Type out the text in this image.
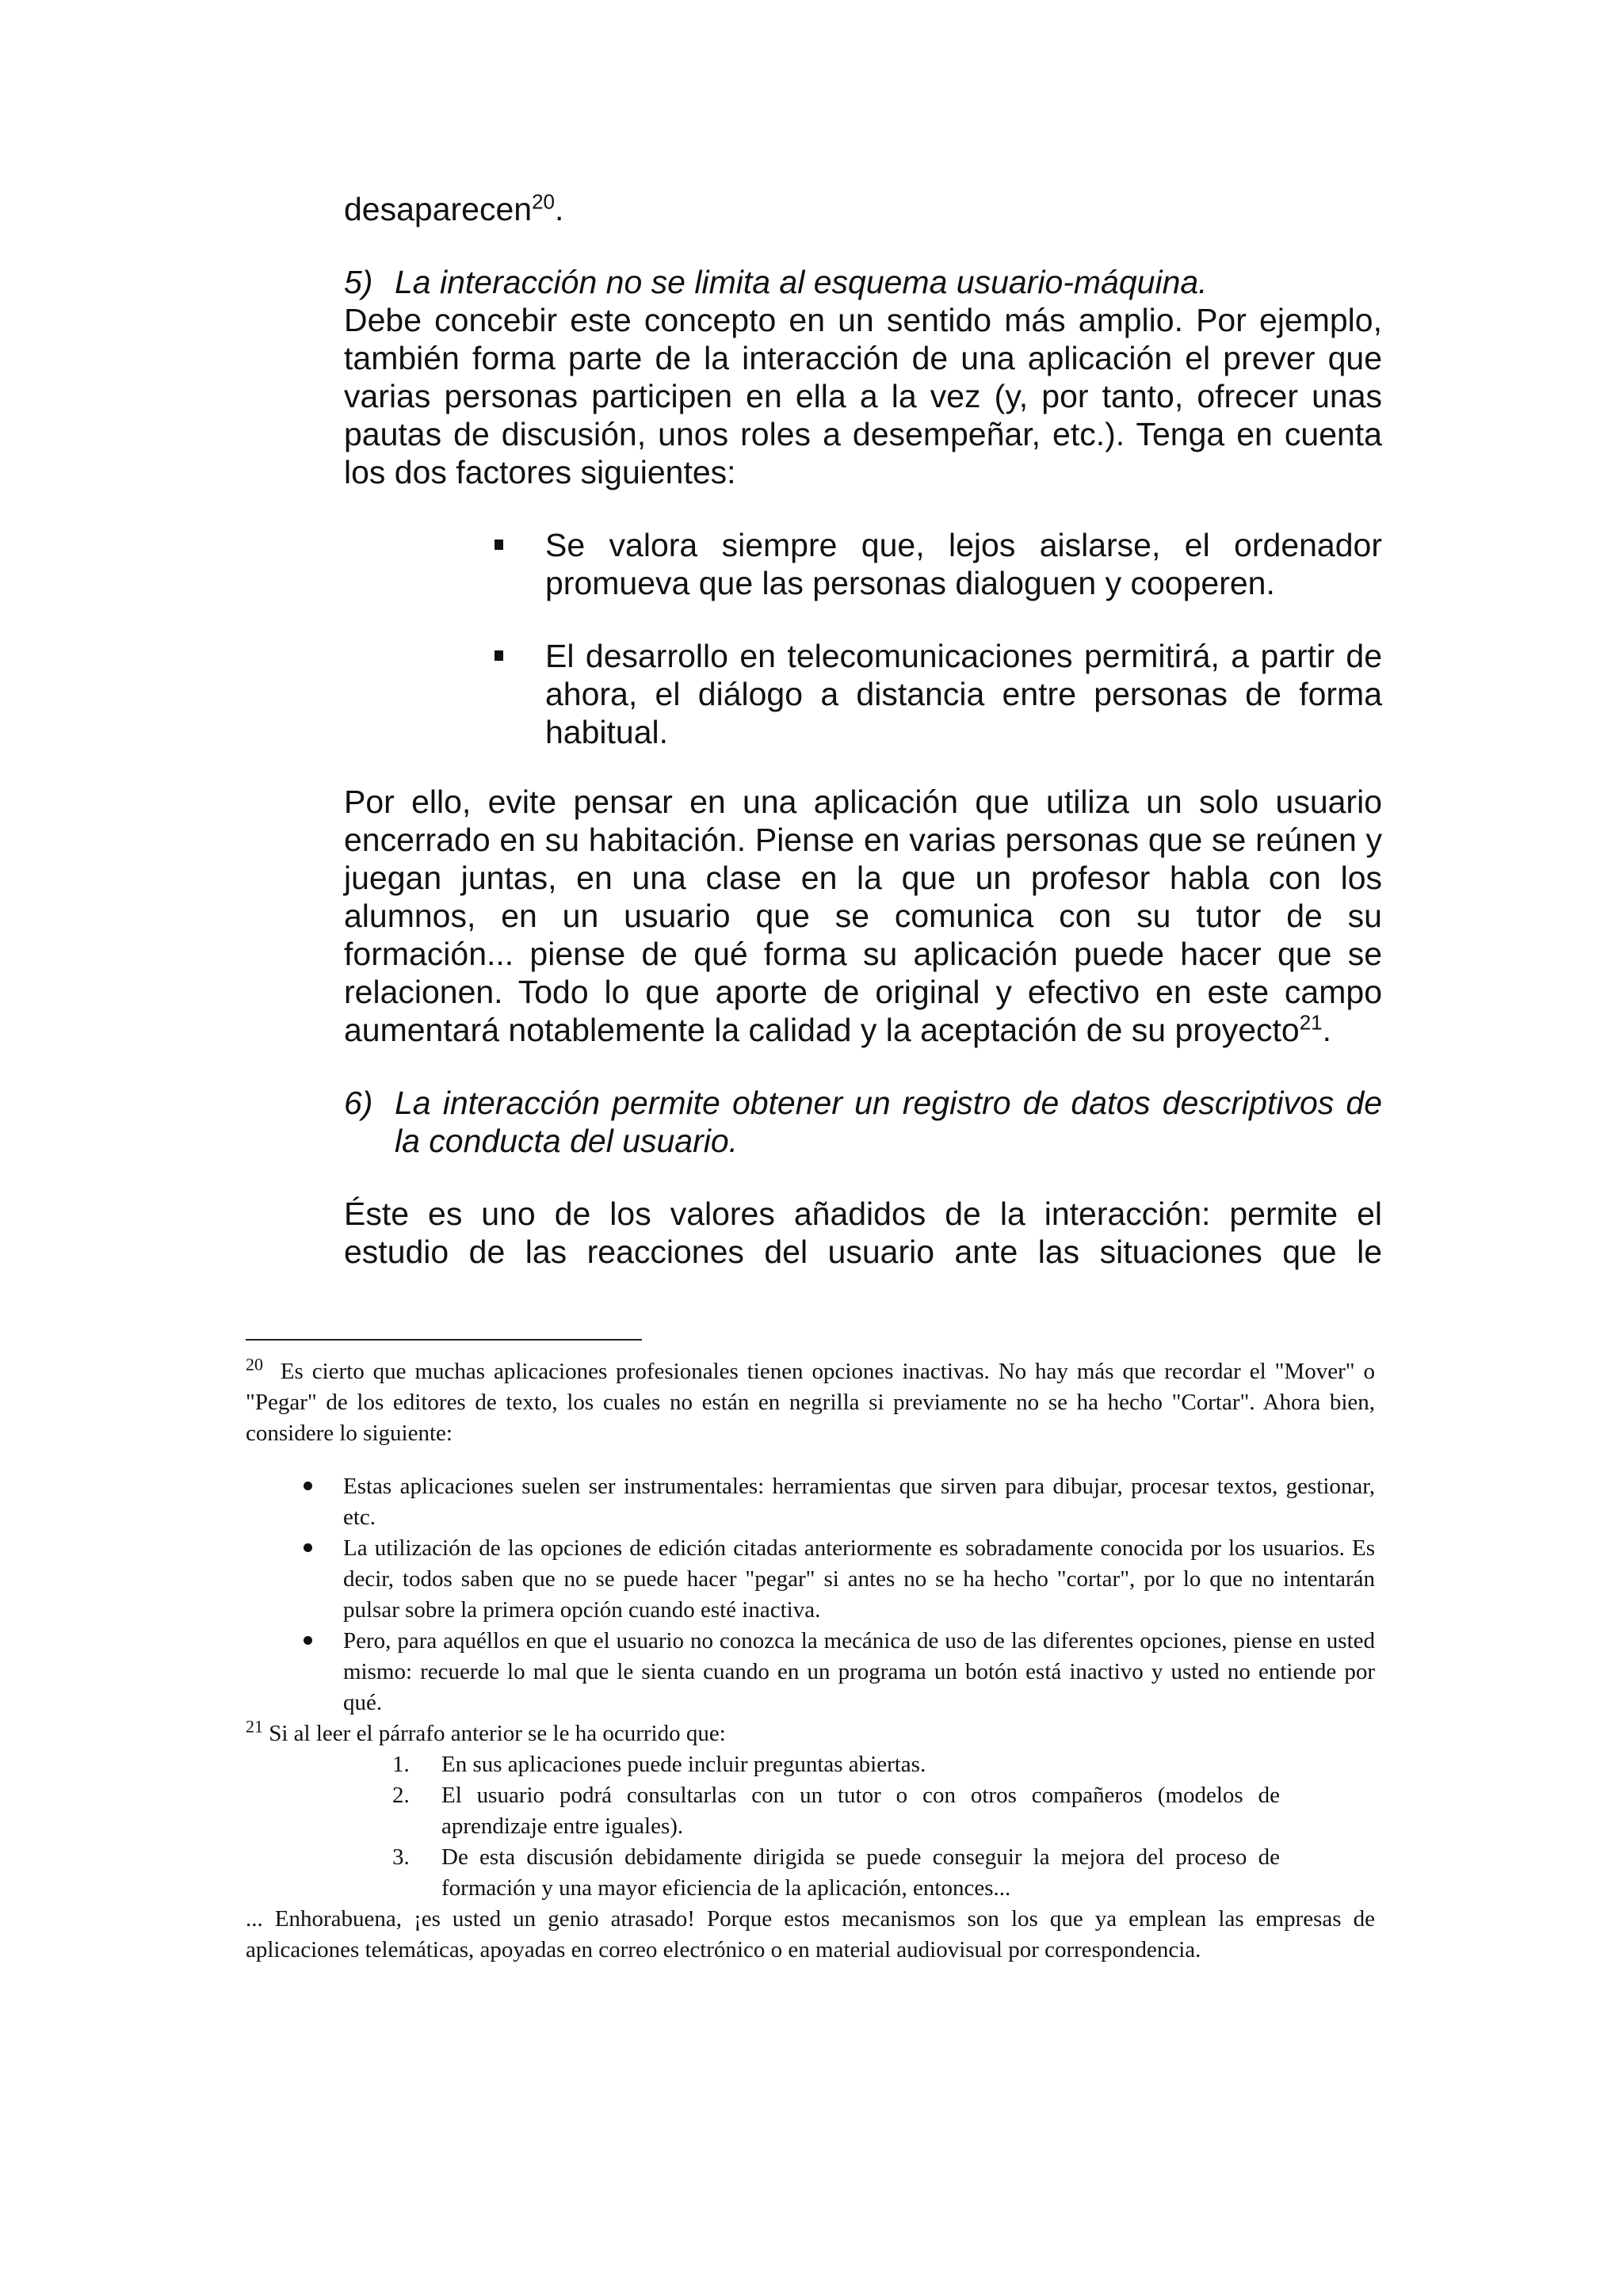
desaparecen$^{20}$.

5) La interacción no se limita al esquema usuario-máquina.

Debe concebir este concepto en un sentido más amplio. Por ejemplo, también forma parte de la interacción de una aplicación el prever que varias personas participen en ella a la vez (y, por tanto, ofrecer unas pautas de discusión, unos roles a desempeñar, etc.). Tenga en cuenta los dos factores siguientes:

Se valora siempre que, lejos aislarse, el ordenador promueva que las personas dialoguen y cooperen.
El desarrollo en telecomunicaciones permitirá, a partir de ahora, el diálogo a distancia entre personas de forma habitual.

Por ello, evite pensar en una aplicación que utiliza un solo usuario encerrado en su habitación. Piense en varias personas que se reúnen y juegan juntas, en una clase en la que un profesor habla con los alumnos, en un usuario que se comunica con su tutor de su formación... piense de qué forma su aplicación puede hacer que se relacionen. Todo lo que aporte de original y efectivo en este campo aumentará notablemente la calidad y la aceptación de su proyecto$^{21}$.

6) La interacción permite obtener un registro de datos descriptivos de la conducta del usuario.

Éste es uno de los valores añadidos de la interacción: permite el estudio de las reacciones del usuario ante las situaciones que le

$^{20}$ Es cierto que muchas aplicaciones profesionales tienen opciones inactivas. No hay más que recordar el "Mover" o "Pegar" de los editores de texto, los cuales no están en negrilla si previamente no se ha hecho "Cortar". Ahora bien, considere lo siguiente:

Estas aplicaciones suelen ser instrumentales: herramientas que sirven para dibujar, procesar textos, gestionar, etc.
La utilización de las opciones de edición citadas anteriormente es sobradamente conocida por los usuarios. Es decir, todos saben que no se puede hacer "pegar" si antes no se ha hecho "cortar", por lo que no intentarán pulsar sobre la primera opción cuando esté inactiva.
Pero, para aquéllos en que el usuario no conozca la mecánica de uso de las diferentes opciones, piense en usted mismo: recuerde lo mal que le sienta cuando en un programa un botón está inactivo y usted no entiende por qué.

$^{21}$ Si al leer el párrafo anterior se le ha ocurrido que:

1.	En sus aplicaciones puede incluir preguntas abiertas.
2.	El usuario podrá consultarlas con un tutor o con otros compañeros (modelos de aprendizaje entre iguales).
3.	De esta discusión debidamente dirigida se puede conseguir la mejora del proceso de formación y una mayor eficiencia de la aplicación, entonces...

... Enhorabuena, ¡es usted un genio atrasado! Porque estos mecanismos son los que ya emplean las empresas de aplicaciones telemáticas, apoyadas en correo electrónico o en material audiovisual por correspondencia.
